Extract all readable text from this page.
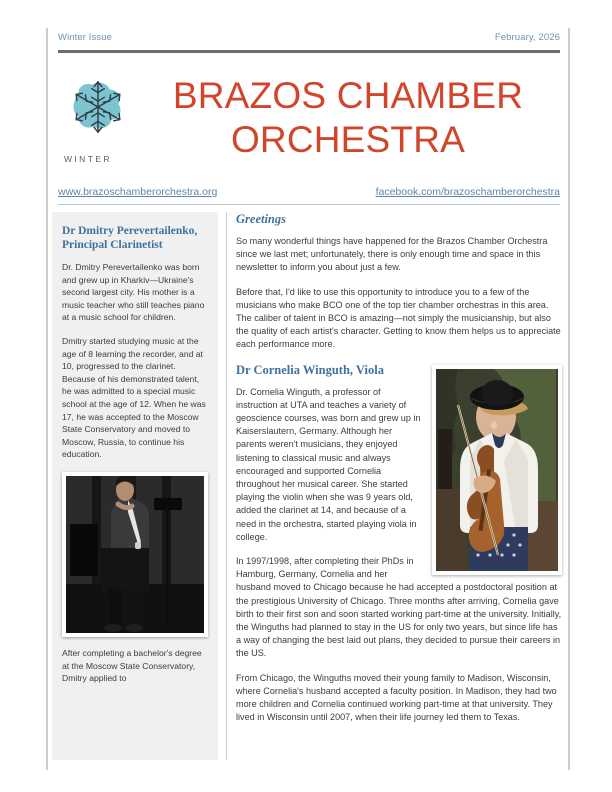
Winter Issue	February, 2026
WINTER
BRAZOS CHAMBER
ORCHESTRA
www.brazoschamberorchestra.org	facebook.com/brazoschamberorchestra
Dr Dmitry Perevertailenko, Principal Clarinetist
Dr. Dmitry Perevertailenko was born and grew up in Kharkiv—Ukraine's second largest city. His mother is a music teacher who still teaches piano at a music school for children.
Dmitry started studying music at the age of 8 learning the recorder, and at 10, progressed to the clarinet. Because of his demonstrated talent, he was admitted to a special music school at the age of 12. When he was 17, he was accepted to the Moscow State Conservatory and moved to Moscow, Russia, to continue his education.
After completing a bachelor's degree at the Moscow State Conservatory, Dmitry applied to
Greetings
So many wonderful things have happened for the Brazos Chamber Orchestra since we last met; unfortunately, there is only enough time and space in this newsletter to inform you about just a few.
Before that, I'd like to use this opportunity to introduce you to a few of the musicians who make BCO one of the top tier chamber orchestras in this area. The caliber of talent in BCO is amazing—not simply the musicianship, but also the quality of each artist's character. Getting to know them helps us to appreciate each performance more.
Dr Cornelia Winguth, Viola
Dr. Cornelia Winguth, a professor of instruction at UTA and teaches a variety of geoscience courses, was born and grew up in Kaiserslautern, Germany. Although her parents weren't musicians, they enjoyed listening to classical music and always encouraged and supported Cornelia throughout her musical career. She started playing the violin when she was 9 years old, added the clarinet at 14, and because of a need in the orchestra, started playing viola in college.
In 1997/1998, after completing their PhDs in Hamburg, Germany, Cornelia and her husband moved to Chicago because he had accepted a postdoctoral position at the prestigious University of Chicago. Three months after arriving, Cornelia gave birth to their first son and soon started working part-time at the university. Initially, the Winguths had planned to stay in the US for only two years, but since life has a way of changing the best laid out plans, they decided to pursue their careers in the US.
From Chicago, the Winguths moved their young family to Madison, Wisconsin, where Cornelia's husband accepted a faculty position. In Madison, they had two more children and Cornelia continued working part-time at that university. They lived in Wisconsin until 2007, when their life journey led them to Texas.
